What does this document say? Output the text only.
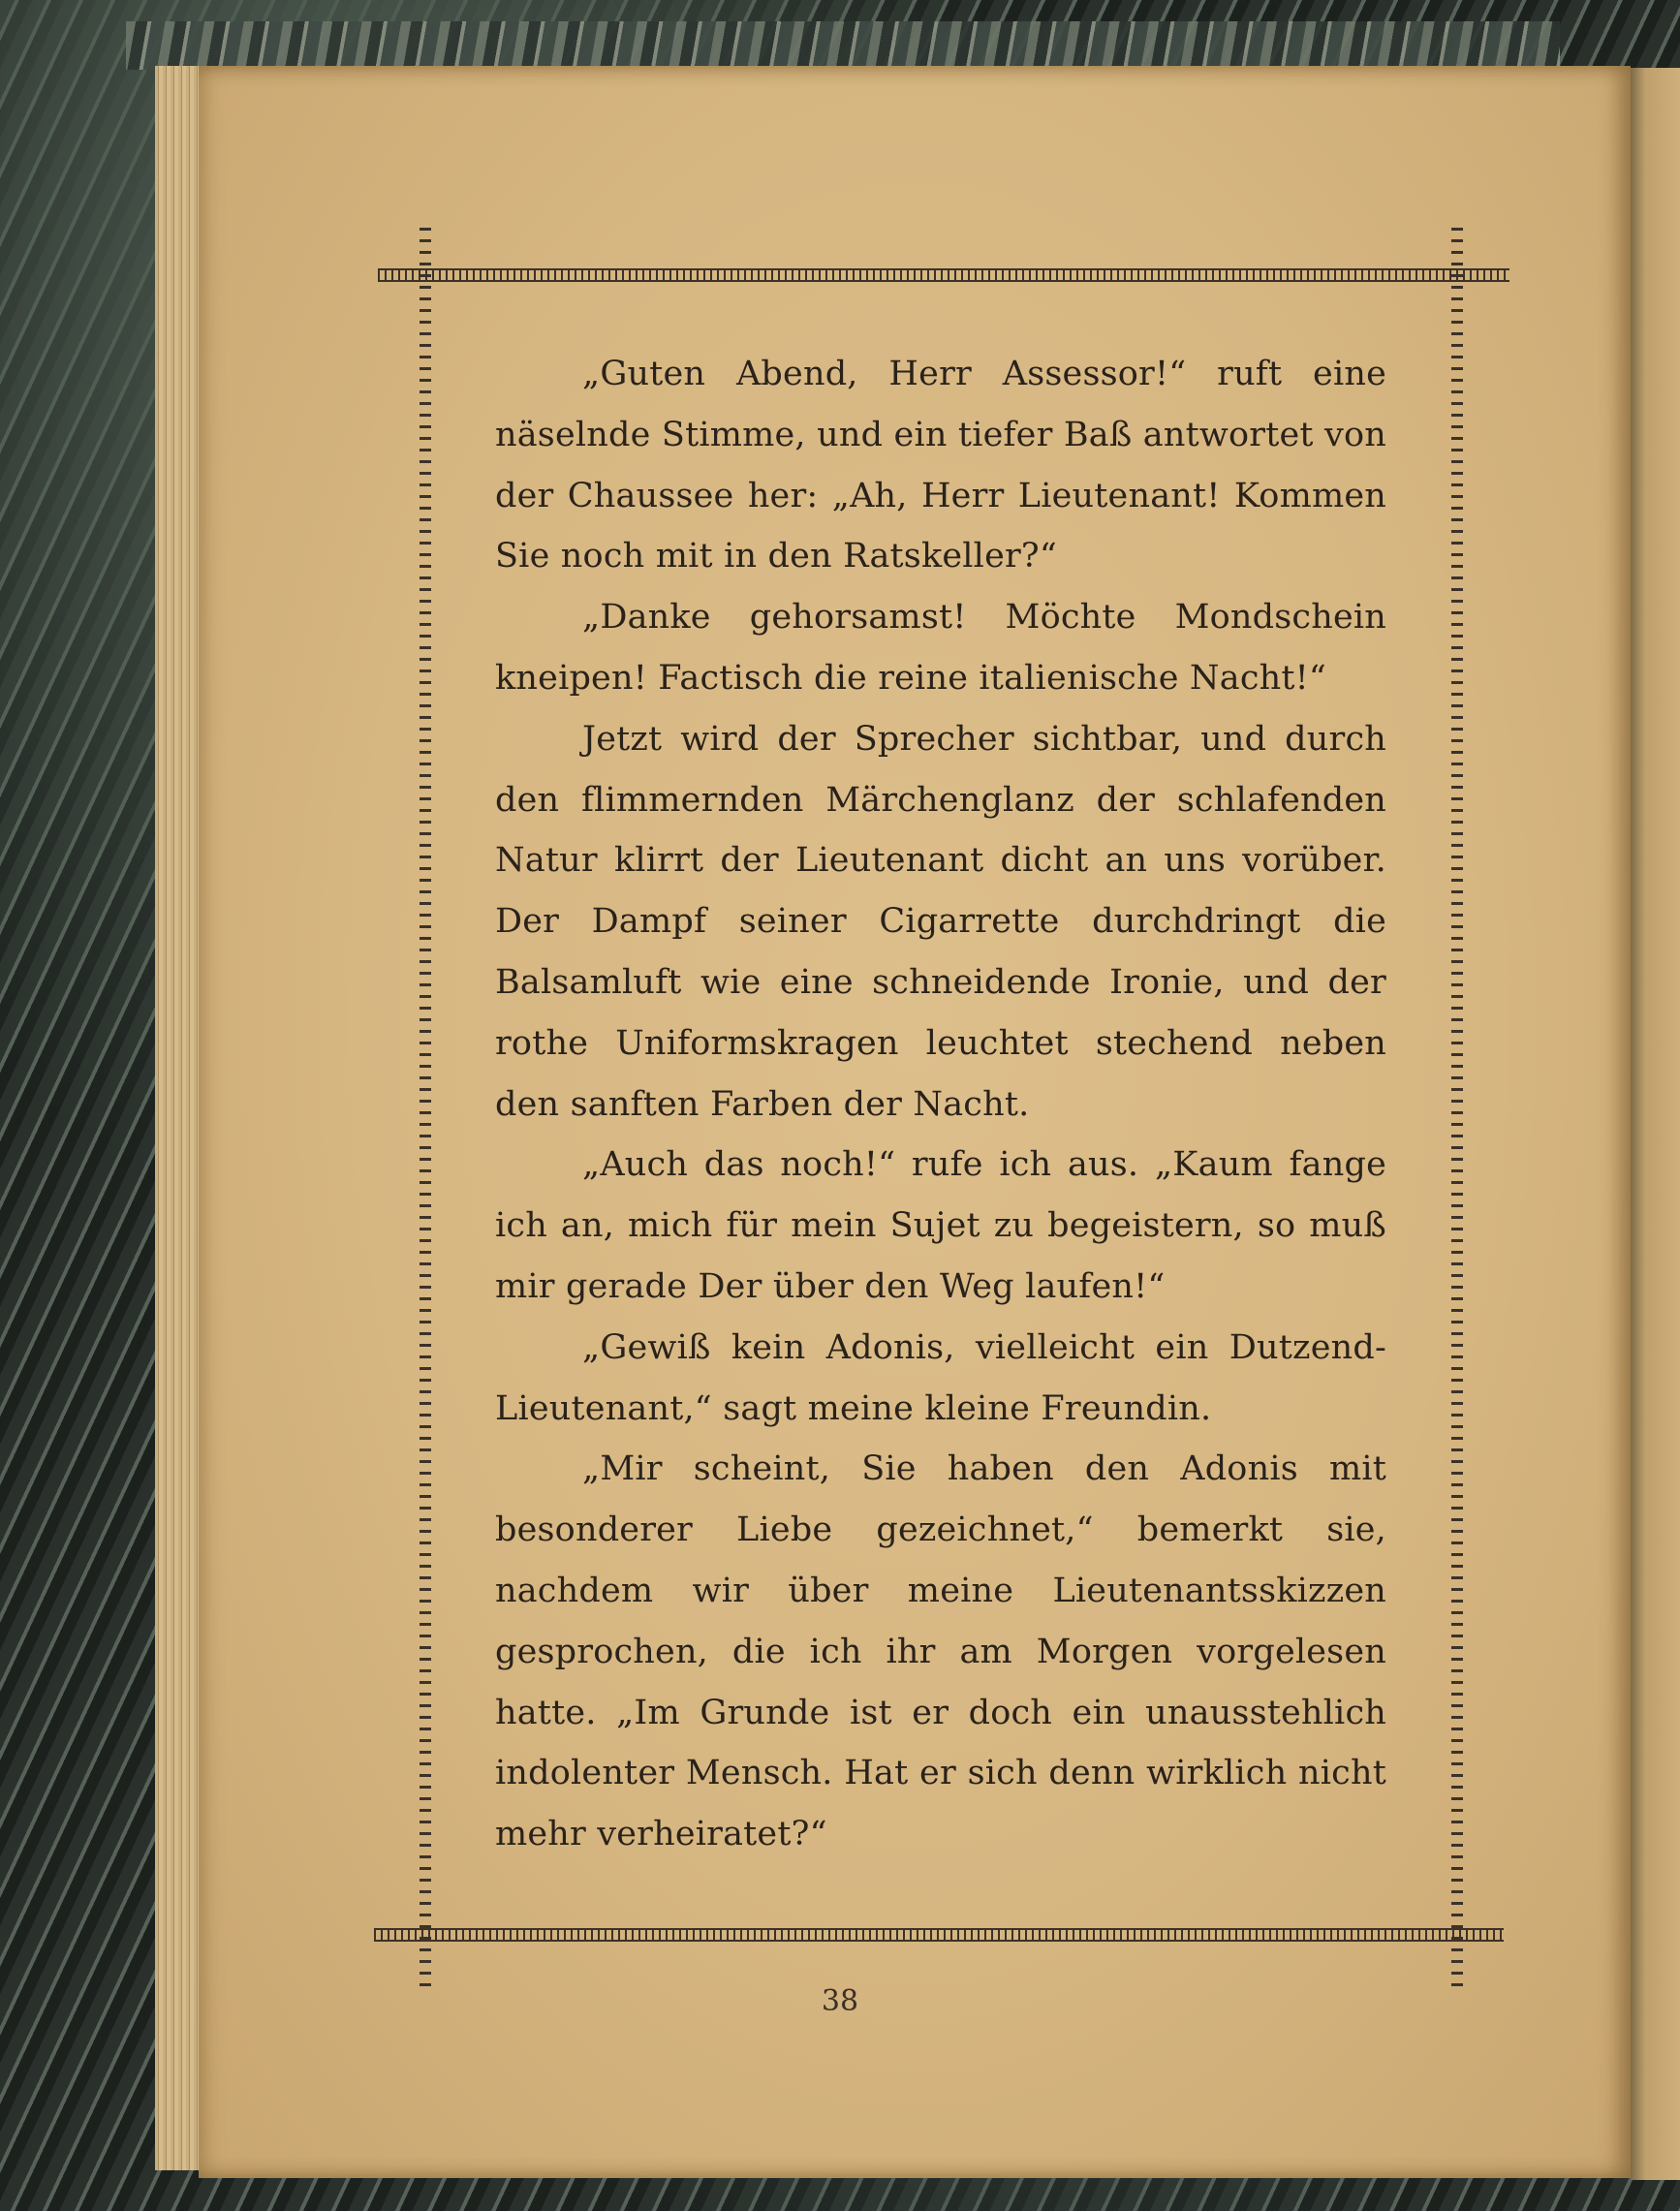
„Guten Abend, Herr Assessor!“ ruft eine näselnde Stimme, und ein tiefer Baß antwortet von der Chaussee her: „Ah, Herr Lieutenant! Kommen Sie noch mit in den Ratskeller?“

„Danke gehorsamst! Möchte Mondschein kneipen! Factisch die reine italienische Nacht!“

Jetzt wird der Sprecher sichtbar, und durch den flimmernden Märchenglanz der schlafenden Natur klirrt der Lieutenant dicht an uns vorüber. Der Dampf seiner Cigarrette durchdringt die Balsamluft wie eine schneidende Ironie, und der rothe Uniformskragen leuchtet stechend neben den sanften Farben der Nacht.

„Auch das noch!“ rufe ich aus. „Kaum fange ich an, mich für mein Sujet zu begeistern, so muß mir gerade Der über den Weg laufen!“

„Gewiß kein Adonis, vielleicht ein Dutzend-Lieutenant,“ sagt meine kleine Freundin.

„Mir scheint, Sie haben den Adonis mit besonderer Liebe gezeichnet,“ bemerkt sie, nachdem wir über meine Lieutenantsskizzen gesprochen, die ich ihr am Morgen vorgelesen hatte. „Im Grunde ist er doch ein unausstehlich indolenter Mensch. Hat er sich denn wirklich nicht mehr verheiratet?“

38
